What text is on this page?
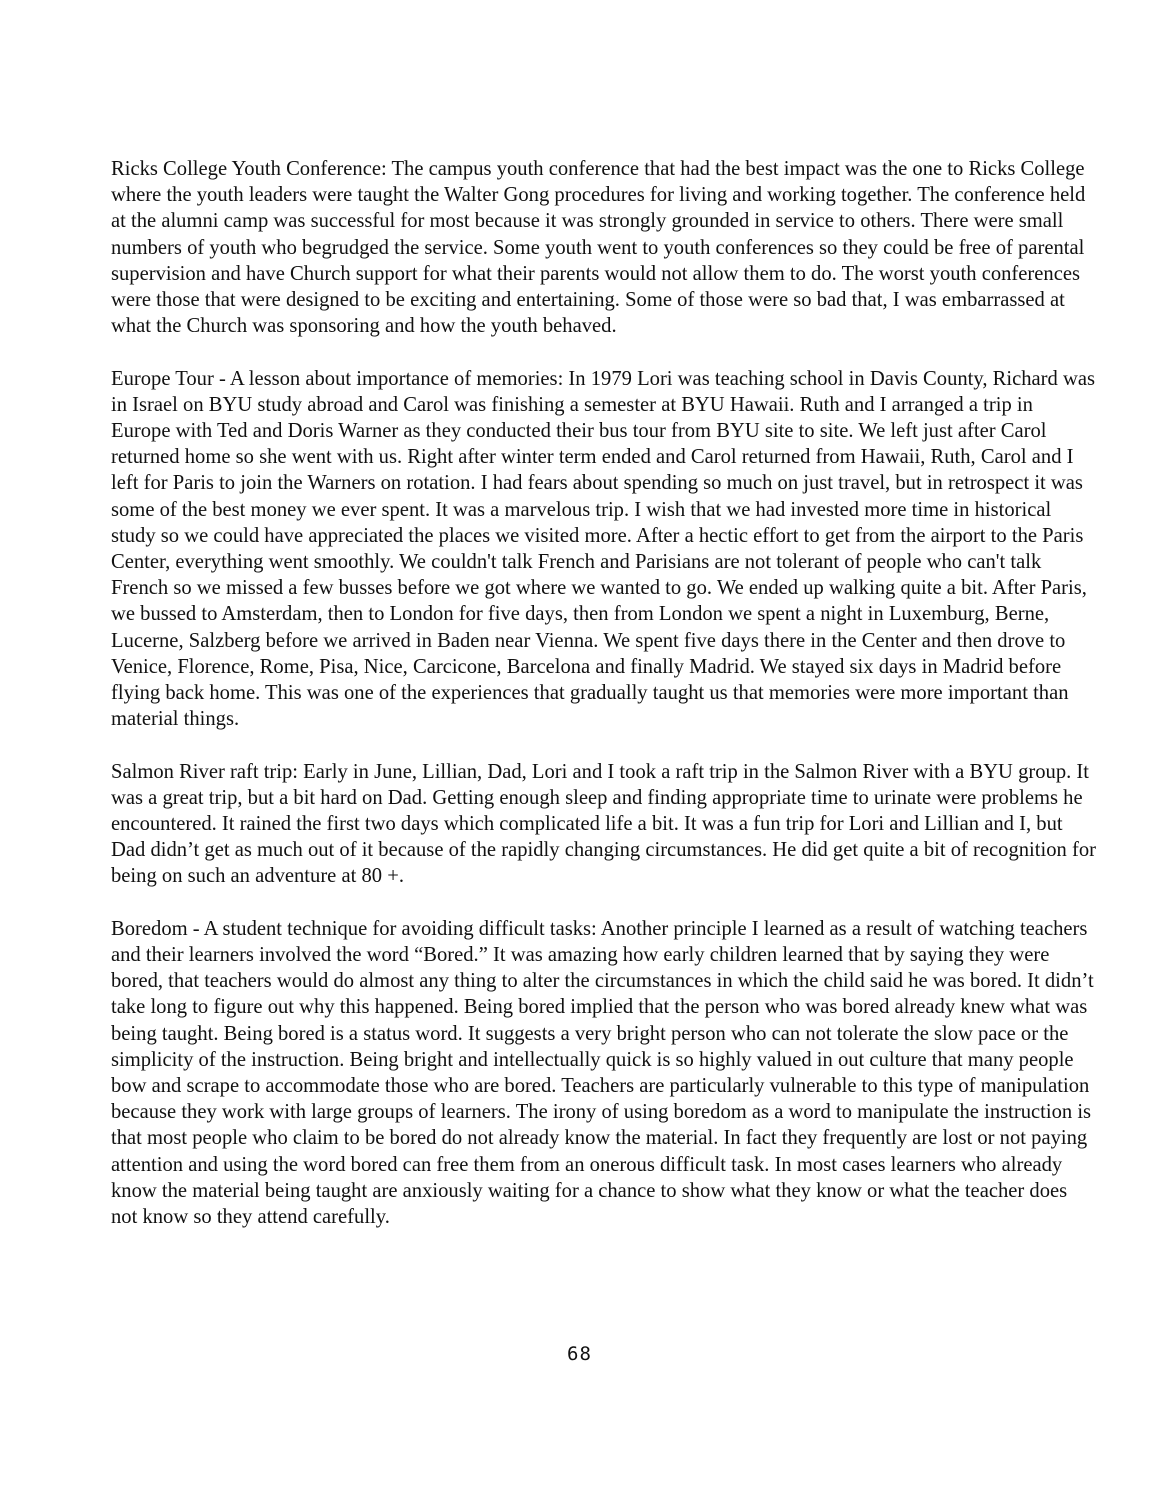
Ricks College Youth Conference: The campus youth conference that had the best impact was the one to Ricks College where the youth leaders were taught the Walter Gong procedures for living and working together. The conference held at the alumni camp was successful for most because it was strongly grounded in service to others. There were small numbers of youth who begrudged the service. Some youth went to youth conferences so they could be free of parental supervision and have Church support for what their parents would not allow them to do. The worst youth conferences were those that were designed to be exciting and entertaining. Some of those were so bad that, I was embarrassed at what the Church was sponsoring and how the youth behaved.

Europe Tour - A lesson about importance of memories: In 1979 Lori was teaching school in Davis County, Richard was in Israel on BYU study abroad and Carol was finishing a semester at BYU Hawaii. Ruth and I arranged a trip in Europe with Ted and Doris Warner as they conducted their bus tour from BYU site to site. We left just after Carol returned home so she went with us. Right after winter term ended and Carol returned from Hawaii, Ruth, Carol and I left for Paris to join the Warners on rotation. I had fears about spending so much on just travel, but in retrospect it was some of the best money we ever spent. It was a marvelous trip. I wish that we had invested more time in historical study so we could have appreciated the places we visited more. After a hectic effort to get from the airport to the Paris Center, everything went smoothly. We couldn't talk French and Parisians are not tolerant of people who can't talk French so we missed a few busses before we got where we wanted to go. We ended up walking quite a bit. After Paris, we bussed to Amsterdam, then to London for five days, then from London we spent a night in Luxemburg, Berne, Lucerne, Salzberg before we arrived in Baden near Vienna. We spent five days there in the Center and then drove to Venice, Florence, Rome, Pisa, Nice, Carcicone, Barcelona and finally Madrid. We stayed six days in Madrid before flying back home. This was one of the experiences that gradually taught us that memories were more important than material things.

Salmon River raft trip: Early in June, Lillian, Dad, Lori and I took a raft trip in the Salmon River with a BYU group. It was a great trip, but a bit hard on Dad. Getting enough sleep and finding appropriate time to urinate were problems he encountered. It rained the first two days which complicated life a bit. It was a fun trip for Lori and Lillian and I, but Dad didn’t get as much out of it because of the rapidly changing circumstances. He did get quite a bit of recognition for being on such an adventure at 80 +.

Boredom - A student technique for avoiding difficult tasks: Another principle I learned as a result of watching teachers and their learners involved the word “Bored.” It was amazing how early children learned that by saying they were bored, that teachers would do almost any thing to alter the circumstances in which the child said he was bored. It didn’t take long to figure out why this happened. Being bored implied that the person who was bored already knew what was being taught. Being bored is a status word. It suggests a very bright person who can not tolerate the slow pace or the simplicity of the instruction. Being bright and intellectually quick is so highly valued in out culture that many people bow and scrape to accommodate those who are bored. Teachers are particularly vulnerable to this type of manipulation because they work with large groups of learners. The irony of using boredom as a word to manipulate the instruction is that most people who claim to be bored do not already know the material. In fact they frequently are lost or not paying attention and using the word bored can free them from an onerous difficult task. In most cases learners who already know the material being taught are anxiously waiting for a chance to show what they know or what the teacher does not know so they attend carefully.

68
